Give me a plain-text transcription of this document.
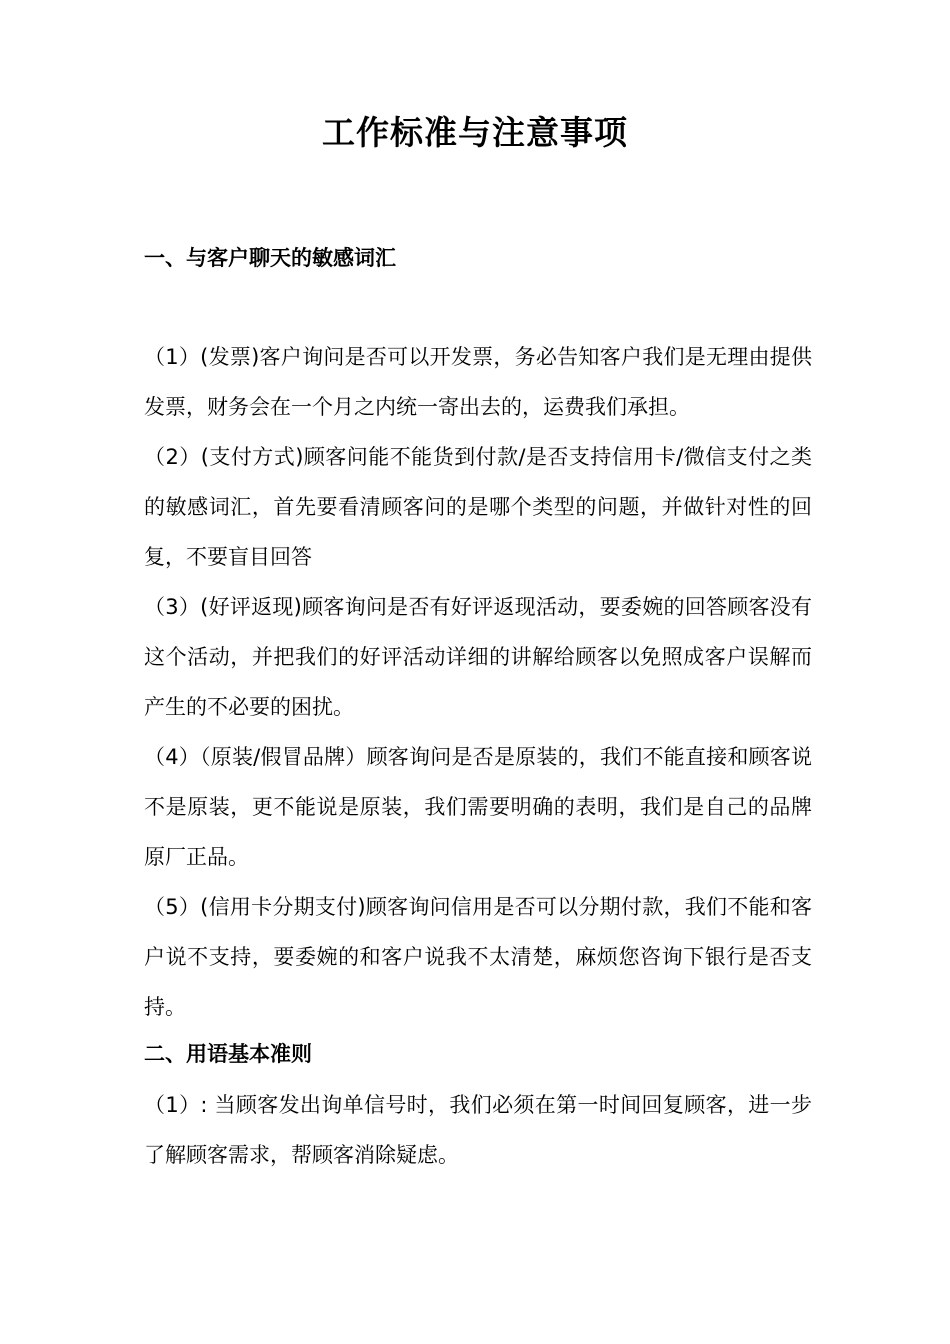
工作标准与注意事项
一、与客户聊天的敏感词汇
（1）(发票)客户询问是否可以开发票，务必告知客户我们是无理由提供发票，财务会在一个月之内统一寄出去的，运费我们承担。
（2）(支付方式)顾客问能不能货到付款/是否支持信用卡/微信支付之类的敏感词汇，首先要看清顾客问的是哪个类型的问题，并做针对性的回复，不要盲目回答
（3）(好评返现)顾客询问是否有好评返现活动，要委婉的回答顾客没有这个活动，并把我们的好评活动详细的讲解给顾客以免照成客户误解而产生的不必要的困扰。
（4）（原装/假冒品牌）顾客询问是否是原装的，我们不能直接和顾客说不是原装，更不能说是原装，我们需要明确的表明，我们是自己的品牌原厂正品。
（5）(信用卡分期支付)顾客询问信用是否可以分期付款，我们不能和客户说不支持，要委婉的和客户说我不太清楚，麻烦您咨询下银行是否支持。
二、用语基本准则
（1）: 当顾客发出询单信号时，我们必须在第一时间回复顾客，进一步了解顾客需求，帮顾客消除疑虑。
